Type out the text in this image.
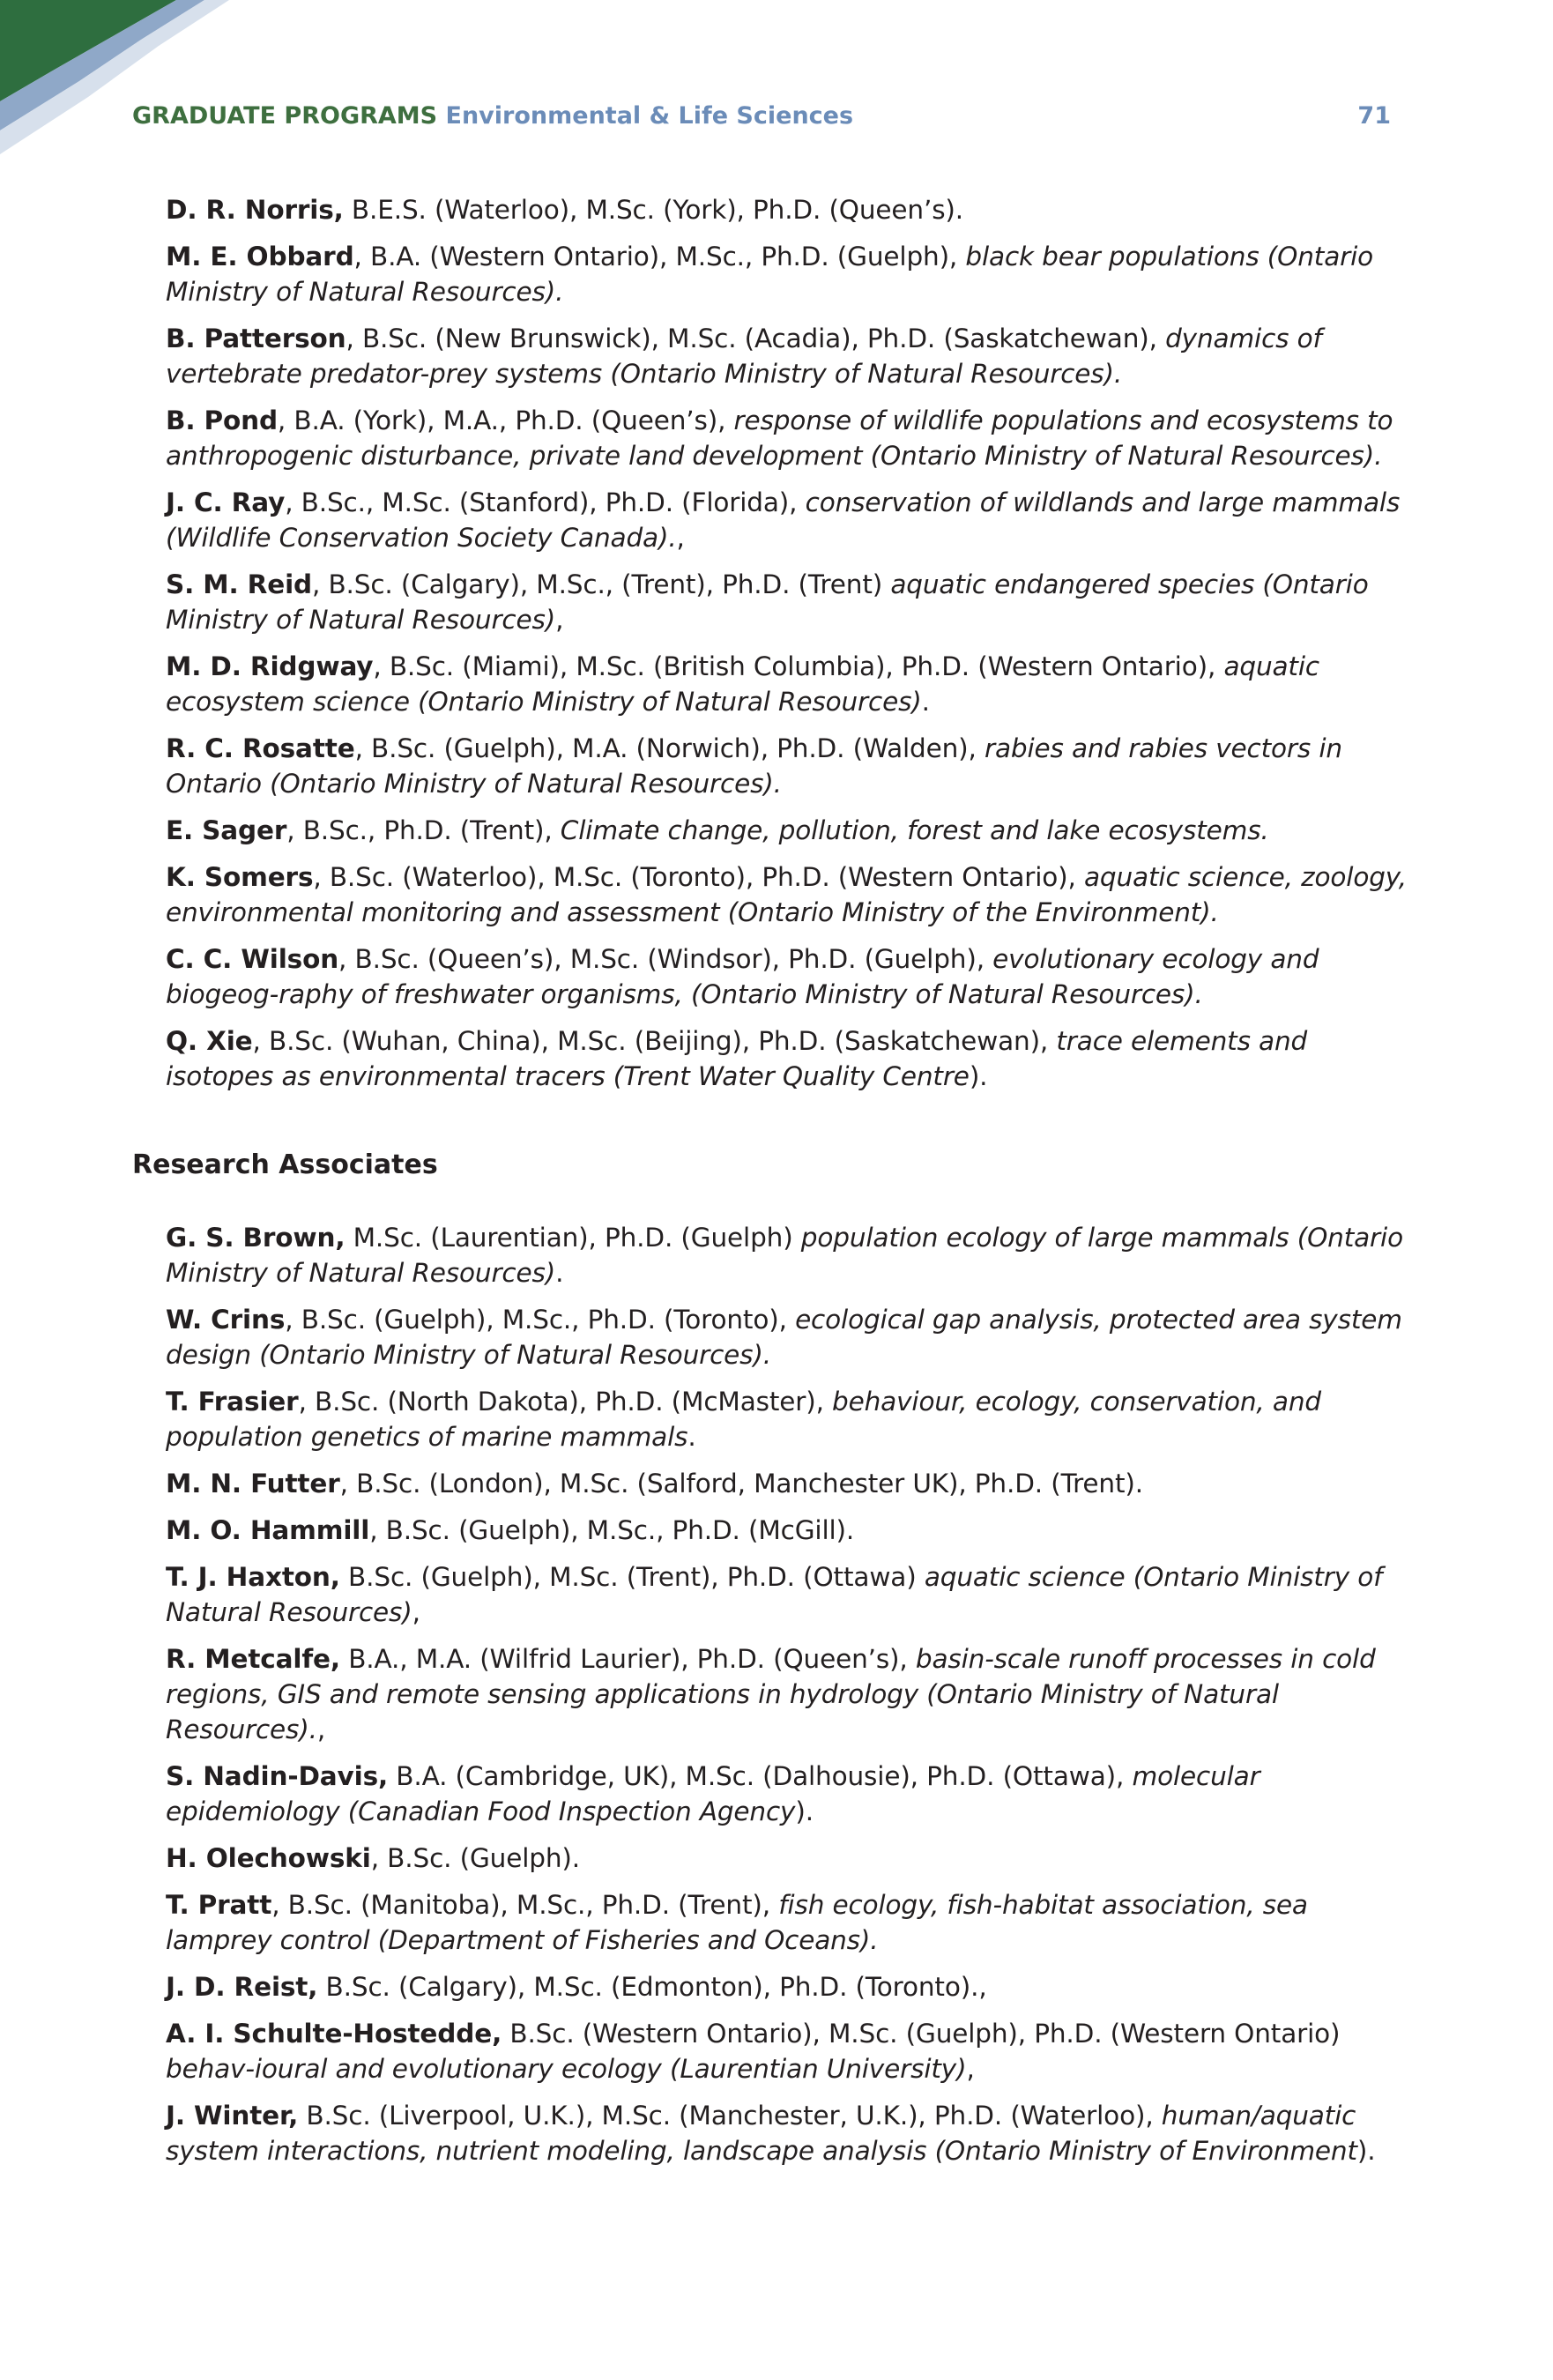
GRADUATE PROGRAMS Environmental & Life Sciences	71

D. R. Norris, B.E.S. (Waterloo), M.Sc. (York), Ph.D. (Queen’s).

M. E. Obbard, B.A. (Western Ontario), M.Sc., Ph.D. (Guelph), black bear populations (Ontario Ministry of Natural Resources).

B. Patterson, B.Sc. (New Brunswick), M.Sc. (Acadia), Ph.D. (Saskatchewan), dynamics of vertebrate predator-prey systems (Ontario Ministry of Natural Resources).

B. Pond, B.A. (York), M.A., Ph.D. (Queen’s), response of wildlife populations and ecosystems to anthropogenic disturbance, private land development (Ontario Ministry of Natural Resources).

J. C. Ray, B.Sc., M.Sc. (Stanford), Ph.D. (Florida), conservation of wildlands and large mammals (Wildlife Conservation Society Canada).,

S. M. Reid, B.Sc. (Calgary), M.Sc., (Trent), Ph.D. (Trent) aquatic endangered species (Ontario Ministry of Natural Resources),

M. D. Ridgway, B.Sc. (Miami), M.Sc. (British Columbia), Ph.D. (Western Ontario), aquatic ecosystem science (Ontario Ministry of Natural Resources).

R. C. Rosatte, B.Sc. (Guelph), M.A. (Norwich), Ph.D. (Walden), rabies and rabies vectors in Ontario (Ontario Ministry of Natural Resources).

E. Sager, B.Sc., Ph.D. (Trent), Climate change, pollution, forest and lake ecosystems.

K. Somers, B.Sc. (Waterloo), M.Sc. (Toronto), Ph.D. (Western Ontario), aquatic science, zoology, environmental monitoring and assessment (Ontario Ministry of the Environment).

C. C. Wilson, B.Sc. (Queen’s), M.Sc. (Windsor), Ph.D. (Guelph), evolutionary ecology and biogeog-raphy of freshwater organisms, (Ontario Ministry of Natural Resources).

Q. Xie, B.Sc. (Wuhan, China), M.Sc. (Beijing), Ph.D. (Saskatchewan), trace elements and isotopes as environmental tracers (Trent Water Quality Centre).

Research Associates

G. S. Brown, M.Sc. (Laurentian), Ph.D. (Guelph) population ecology of large mammals (Ontario Ministry of Natural Resources).

W. Crins, B.Sc. (Guelph), M.Sc., Ph.D. (Toronto), ecological gap analysis, protected area system design (Ontario Ministry of Natural Resources).

T. Frasier, B.Sc. (North Dakota), Ph.D. (McMaster), behaviour, ecology, conservation, and population genetics of marine mammals.

M. N. Futter, B.Sc. (London), M.Sc. (Salford, Manchester UK), Ph.D. (Trent).

M. O. Hammill, B.Sc. (Guelph), M.Sc., Ph.D. (McGill).

T. J. Haxton, B.Sc. (Guelph), M.Sc. (Trent), Ph.D. (Ottawa) aquatic science (Ontario Ministry of Natural Resources),

R. Metcalfe, B.A., M.A. (Wilfrid Laurier), Ph.D. (Queen’s), basin-scale runoff processes in cold regions, GIS and remote sensing applications in hydrology (Ontario Ministry of Natural Resources).,

S. Nadin-Davis, B.A. (Cambridge, UK), M.Sc. (Dalhousie), Ph.D. (Ottawa), molecular epidemiology (Canadian Food Inspection Agency).

H. Olechowski, B.Sc. (Guelph).

T. Pratt, B.Sc. (Manitoba), M.Sc., Ph.D. (Trent), fish ecology, fish-habitat association, sea lamprey control (Department of Fisheries and Oceans).

J. D. Reist, B.Sc. (Calgary), M.Sc. (Edmonton), Ph.D. (Toronto).,

A. I. Schulte-Hostedde, B.Sc. (Western Ontario), M.Sc. (Guelph), Ph.D. (Western Ontario) behav-ioural and evolutionary ecology (Laurentian University),

J. Winter, B.Sc. (Liverpool, U.K.), M.Sc. (Manchester, U.K.), Ph.D. (Waterloo), human/aquatic system interactions, nutrient modeling, landscape analysis (Ontario Ministry of Environment).
